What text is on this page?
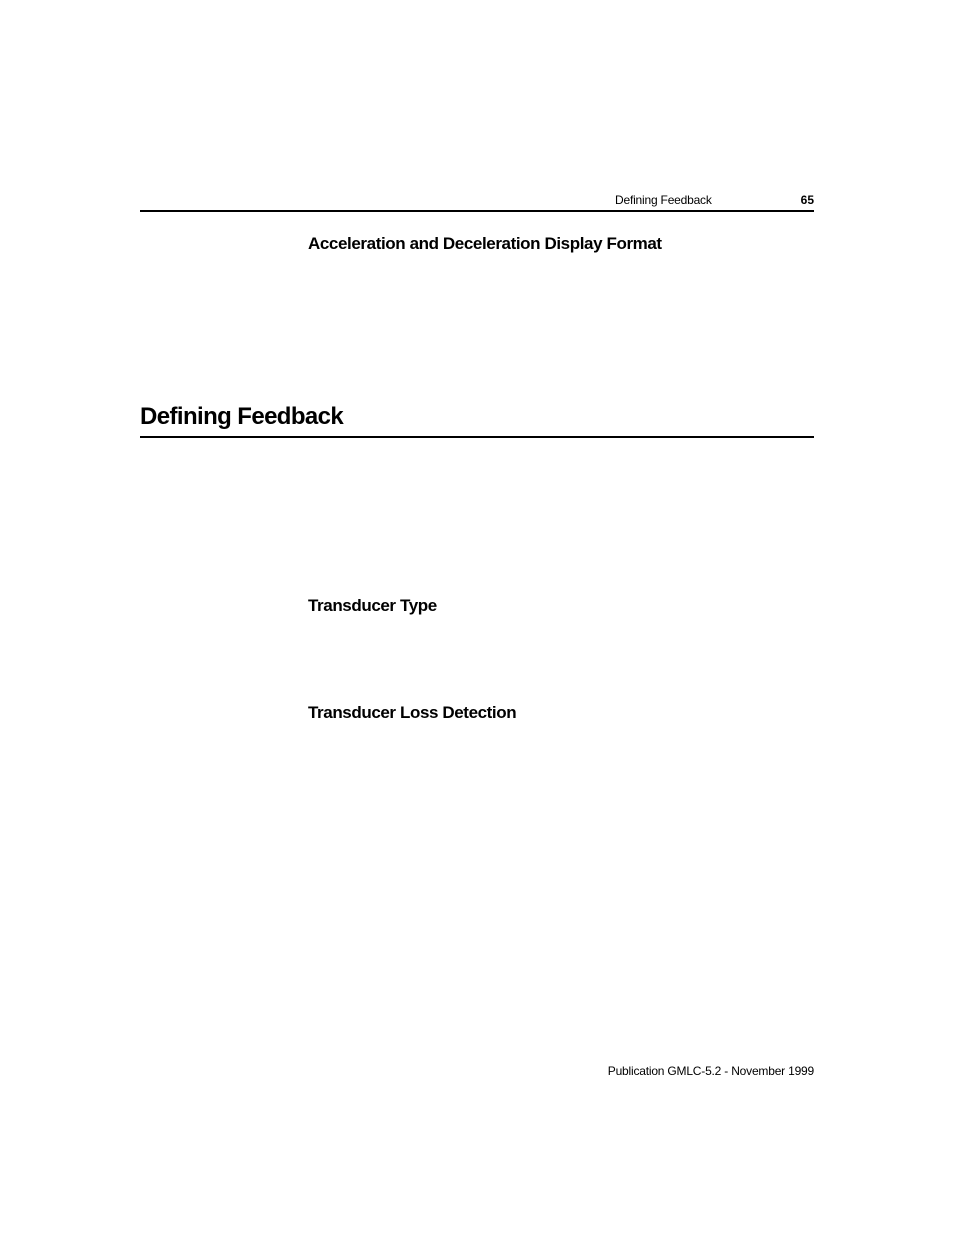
Defining Feedback	65
Acceleration and Deceleration Display Format
Defining Feedback
Transducer Type
Transducer Loss Detection
Publication GMLC-5.2 - November 1999
